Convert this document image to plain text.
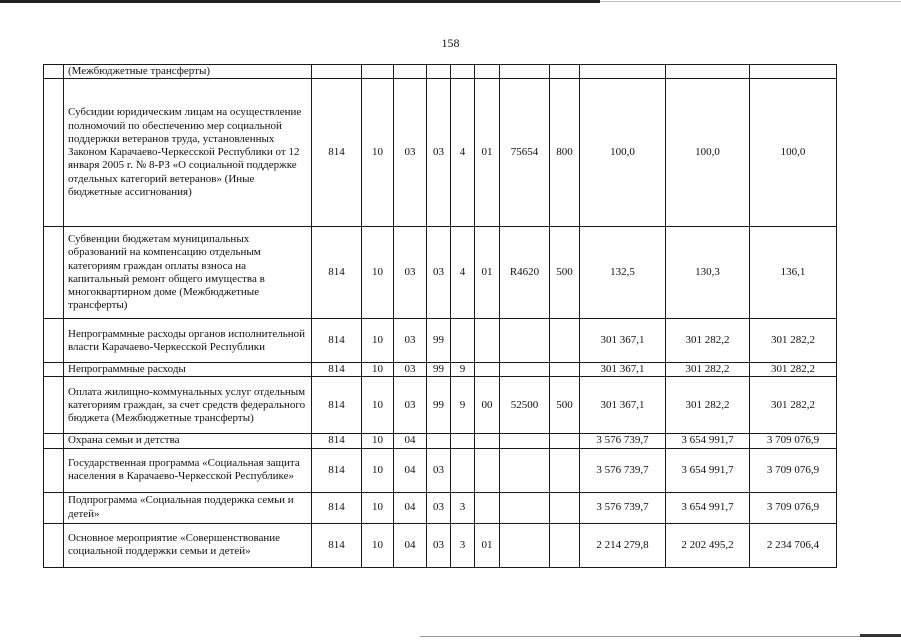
158
	(Межбюджетные трансферты)											
	Субсидии юридическим лицам на осуществление полномочий по обеспечению мер социальной поддержки ветеранов труда, установленных Законом Карачаево-Черкесской Республики от 12 января 2005 г. № 8-РЗ «О социальной поддержке отдельных категорий ветеранов» (Иные бюджетные ассигнования)	814	10	03	03	4	01	75654	800	100,0	100,0	100,0
	Субвенции бюджетам муниципальных образований на компенсацию отдельным категориям граждан оплаты взноса на капитальный ремонт общего имущества в многоквартирном доме (Межбюджетные трансферты)	814	10	03	03	4	01	R4620	500	132,5	130,3	136,1
	Непрограммные расходы органов исполнительной власти Карачаево-Черкесской Республики	814	10	03	99					301 367,1	301 282,2	301 282,2
	Непрограммные расходы	814	10	03	99	9				301 367,1	301 282,2	301 282,2
	Оплата жилищно-коммунальных услуг отдельным категориям граждан, за счет средств федерального бюджета (Межбюджетные трансферты)	814	10	03	99	9	00	52500	500	301 367,1	301 282,2	301 282,2
	Охрана семьи и детства	814	10	04						3 576 739,7	3 654 991,7	3 709 076,9
	Государственная программа «Социальная защита населения в Карачаево-Черкесской Республике»	814	10	04	03					3 576 739,7	3 654 991,7	3 709 076,9
	Подпрограмма «Социальная поддержка семьи и детей»	814	10	04	03	3				3 576 739,7	3 654 991,7	3 709 076,9
	Основное мероприятие «Совершенствование социальной поддержки семьи и детей»	814	10	04	03	3	01			2 214 279,8	2 202 495,2	2 234 706,4
